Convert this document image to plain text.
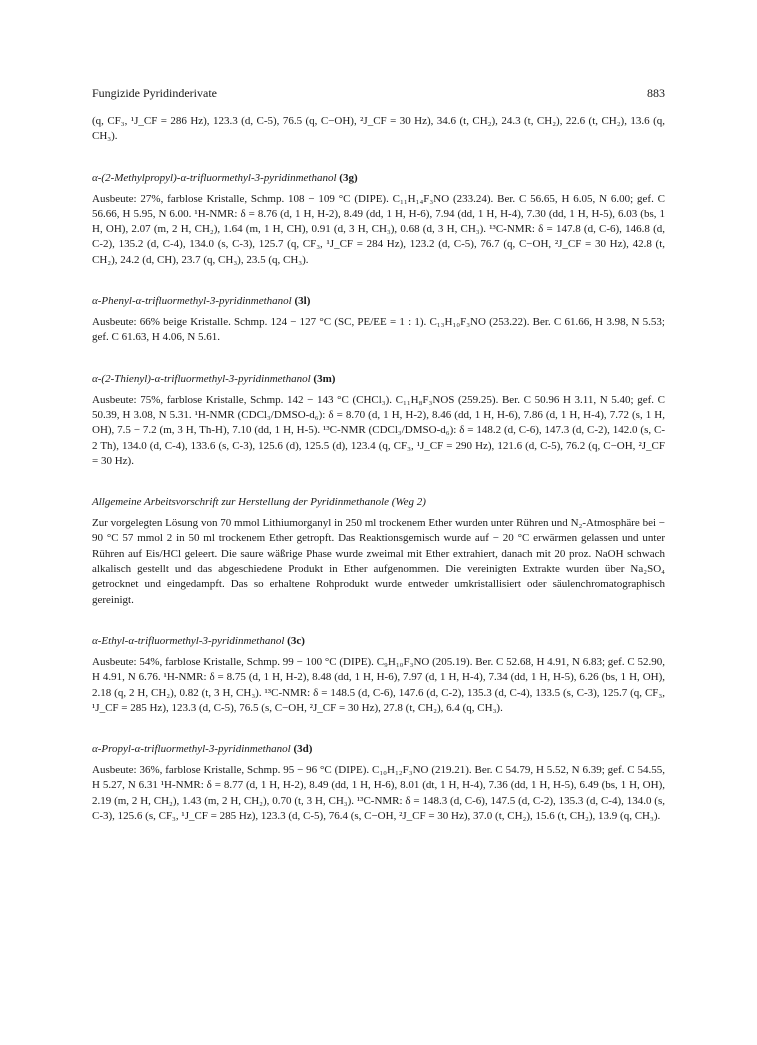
Fungizide Pyridinderivate	883

(q, CF₃, ¹J_CF = 286 Hz), 123.3 (d, C-5), 76.5 (q, C−OH), ²J_CF = 30 Hz), 34.6 (t, CH₂), 24.3 (t, CH₂), 22.6 (t, CH₂), 13.6 (q, CH₃).

α-(2-Methylpropyl)-α-trifluormethyl-3-pyridinmethanol (3g)

Ausbeute: 27%, farblose Kristalle, Schmp. 108 − 109 °C (DIPE). C₁₁H₁₄F₃NO (233.24). Ber. C 56.65, H 6.05, N 6.00; gef. C 56.66, H 5.95, N 6.00. ¹H-NMR: δ = 8.76 (d, 1 H, H-2), 8.49 (dd, 1 H, H-6), 7.94 (dd, 1 H, H-4), 7.30 (dd, 1 H, H-5), 6.03 (bs, 1 H, OH), 2.07 (m, 2 H, CH₂), 1.64 (m, 1 H, CH), 0.91 (d, 3 H, CH₃), 0.68 (d, 3 H, CH₃). ¹³C-NMR: δ = 147.8 (d, C-6), 146.8 (d, C-2), 135.2 (d, C-4), 134.0 (s, C-3), 125.7 (q, CF₃, ¹J_CF = 284 Hz), 123.2 (d, C-5), 76.7 (q, C−OH, ²J_CF = 30 Hz), 42.8 (t, CH₂), 24.2 (d, CH), 23.7 (q, CH₃), 23.5 (q, CH₃).

α-Phenyl-α-trifluormethyl-3-pyridinmethanol (3l)

Ausbeute: 66% beige Kristalle. Schmp. 124 − 127 °C (SC, PE/EE = 1 : 1). C₁₃H₁₀F₃NO (253.22). Ber. C 61.66, H 3.98, N 5.53; gef. C 61.63, H 4.06, N 5.61.

α-(2-Thienyl)-α-trifluormethyl-3-pyridinmethanol (3m)

Ausbeute: 75%, farblose Kristalle, Schmp. 142 − 143 °C (CHCl₃). C₁₁H₈F₃NOS (259.25). Ber. C 50.96 H 3.11, N 5.40; gef. C 50.39, H 3.08, N 5.31. ¹H-NMR (CDCl₃/DMSO-d₆): δ = 8.70 (d, 1 H, H-2), 8.46 (dd, 1 H, H-6), 7.86 (d, 1 H, H-4), 7.72 (s, 1 H, OH), 7.5 − 7.2 (m, 3 H, Th-H), 7.10 (dd, 1 H, H-5). ¹³C-NMR (CDCl₃/DMSO-d₆): δ = 148.2 (d, C-6), 147.3 (d, C-2), 142.0 (s, C-2 Th), 134.0 (d, C-4), 133.6 (s, C-3), 125.6 (d), 125.5 (d), 123.4 (q, CF₃, ¹J_CF = 290 Hz), 121.6 (d, C-5), 76.2 (q, C−OH, ²J_CF = 30 Hz).

Allgemeine Arbeitsvorschrift zur Herstellung der Pyridinmethanole (Weg 2)

Zur vorgelegten Lösung von 70 mmol Lithiumorganyl in 250 ml trockenem Ether wurden unter Rühren und N₂-Atmosphäre bei − 90 °C 57 mmol 2 in 50 ml trockenem Ether getropft. Das Reaktionsgemisch wurde auf − 20 °C erwärmen gelassen und unter Rühren auf Eis/HCl geleert. Die saure wäßrige Phase wurde zweimal mit Ether extrahiert, danach mit 20 proz. NaOH schwach alkalisch gestellt und das abgeschiedene Produkt in Ether aufgenommen. Die vereinigten Extrakte wurden über Na₂SO₄ getrocknet und eingedampft. Das so erhaltene Rohprodukt wurde entweder umkristallisiert oder säulenchromatographisch gereinigt.

α-Ethyl-α-trifluormethyl-3-pyridinmethanol (3c)

Ausbeute: 54%, farblose Kristalle, Schmp. 99 − 100 °C (DIPE). C₉H₁₀F₃NO (205.19). Ber. C 52.68, H 4.91, N 6.83; gef. C 52.90, H 4.91, N 6.76. ¹H-NMR: δ = 8.75 (d, 1 H, H-2), 8.48 (dd, 1 H, H-6), 7.97 (d, 1 H, H-4), 7.34 (dd, 1 H, H-5), 6.26 (bs, 1 H, OH), 2.18 (q, 2 H, CH₂), 0.82 (t, 3 H, CH₃). ¹³C-NMR: δ = 148.5 (d, C-6), 147.6 (d, C-2), 135.3 (d, C-4), 133.5 (s, C-3), 125.7 (q, CF₃, ¹J_CF = 285 Hz), 123.3 (d, C-5), 76.5 (s, C−OH, ²J_CF = 30 Hz), 27.8 (t, CH₂), 6.4 (q, CH₃).

α-Propyl-α-trifluormethyl-3-pyridinmethanol (3d)

Ausbeute: 36%, farblose Kristalle, Schmp. 95 − 96 °C (DIPE). C₁₀H₁₂F₃NO (219.21). Ber. C 54.79, H 5.52, N 6.39; gef. C 54.55, H 5.27, N 6.31 ¹H-NMR: δ = 8.77 (d, 1 H, H-2), 8.49 (dd, 1 H, H-6), 8.01 (dt, 1 H, H-4), 7.36 (dd, 1 H, H-5), 6.49 (bs, 1 H, OH), 2.19 (m, 2 H, CH₂), 1.43 (m, 2 H, CH₂), 0.70 (t, 3 H, CH₃). ¹³C-NMR: δ = 148.3 (d, C-6), 147.5 (d, C-2), 135.3 (d, C-4), 134.0 (s, C-3), 125.6 (s, CF₃, ¹J_CF = 285 Hz), 123.3 (d, C-5), 76.4 (s, C−OH, ²J_CF = 30 Hz), 37.0 (t, CH₂), 15.6 (t, CH₂), 13.9 (q, CH₃).
